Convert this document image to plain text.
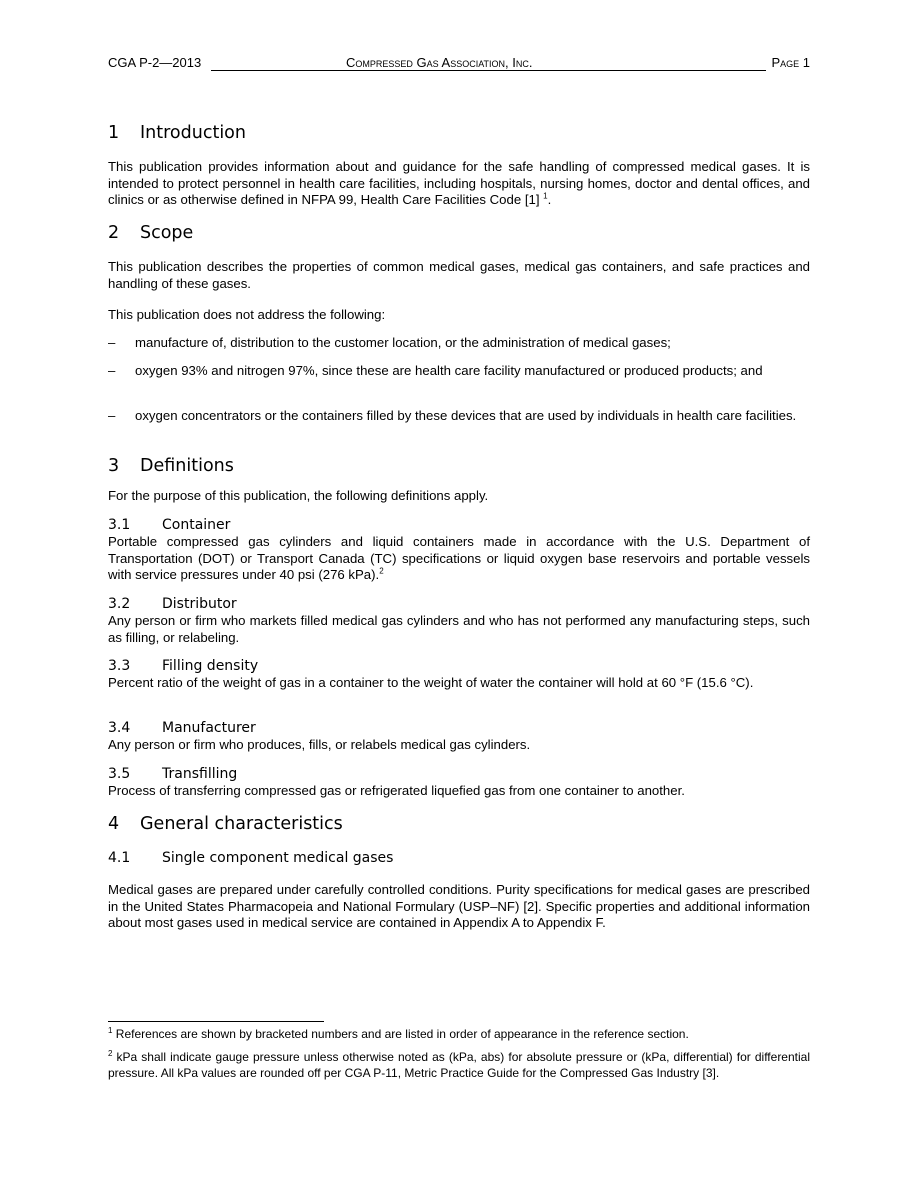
CGA P-2—2013	Compressed Gas Association, Inc.	Page 1
1 Introduction
This publication provides information about and guidance for the safe handling of compressed medical gases. It is intended to protect personnel in health care facilities, including hospitals, nursing homes, doctor and dental offices, and clinics or as otherwise defined in NFPA 99, Health Care Facilities Code [1] $^1$.
2 Scope
This publication describes the properties of common medical gases, medical gas containers, and safe practices and handling of these gases.
This publication does not address the following:
– manufacture of, distribution to the customer location, or the administration of medical gases;
– oxygen 93% and nitrogen 97%, since these are health care facility manufactured or produced products; and
– oxygen concentrators or the containers filled by these devices that are used by individuals in health care facilities.
3 Definitions
For the purpose of this publication, the following definitions apply.
3.1 Container
Portable compressed gas cylinders and liquid containers made in accordance with the U.S. Department of Transportation (DOT) or Transport Canada (TC) specifications or liquid oxygen base reservoirs and portable vessels with service pressures under 40 psi (276 kPa).$^2$
3.2 Distributor
Any person or firm who markets filled medical gas cylinders and who has not performed any manufacturing steps, such as filling, or relabeling.
3.3 Filling density
Percent ratio of the weight of gas in a container to the weight of water the container will hold at 60 °F (15.6 °C).
3.4 Manufacturer
Any person or firm who produces, fills, or relabels medical gas cylinders.
3.5 Transfilling
Process of transferring compressed gas or refrigerated liquefied gas from one container to another.
4 General characteristics
4.1 Single component medical gases
Medical gases are prepared under carefully controlled conditions. Purity specifications for medical gases are prescribed in the United States Pharmacopeia and National Formulary (USP–NF) [2]. Specific properties and additional information about most gases used in medical service are contained in Appendix A to Appendix F.
$^1$ References are shown by bracketed numbers and are listed in order of appearance in the reference section.
$^2$ kPa shall indicate gauge pressure unless otherwise noted as (kPa, abs) for absolute pressure or (kPa, differential) for differential pressure. All kPa values are rounded off per CGA P-11, Metric Practice Guide for the Compressed Gas Industry [3].
